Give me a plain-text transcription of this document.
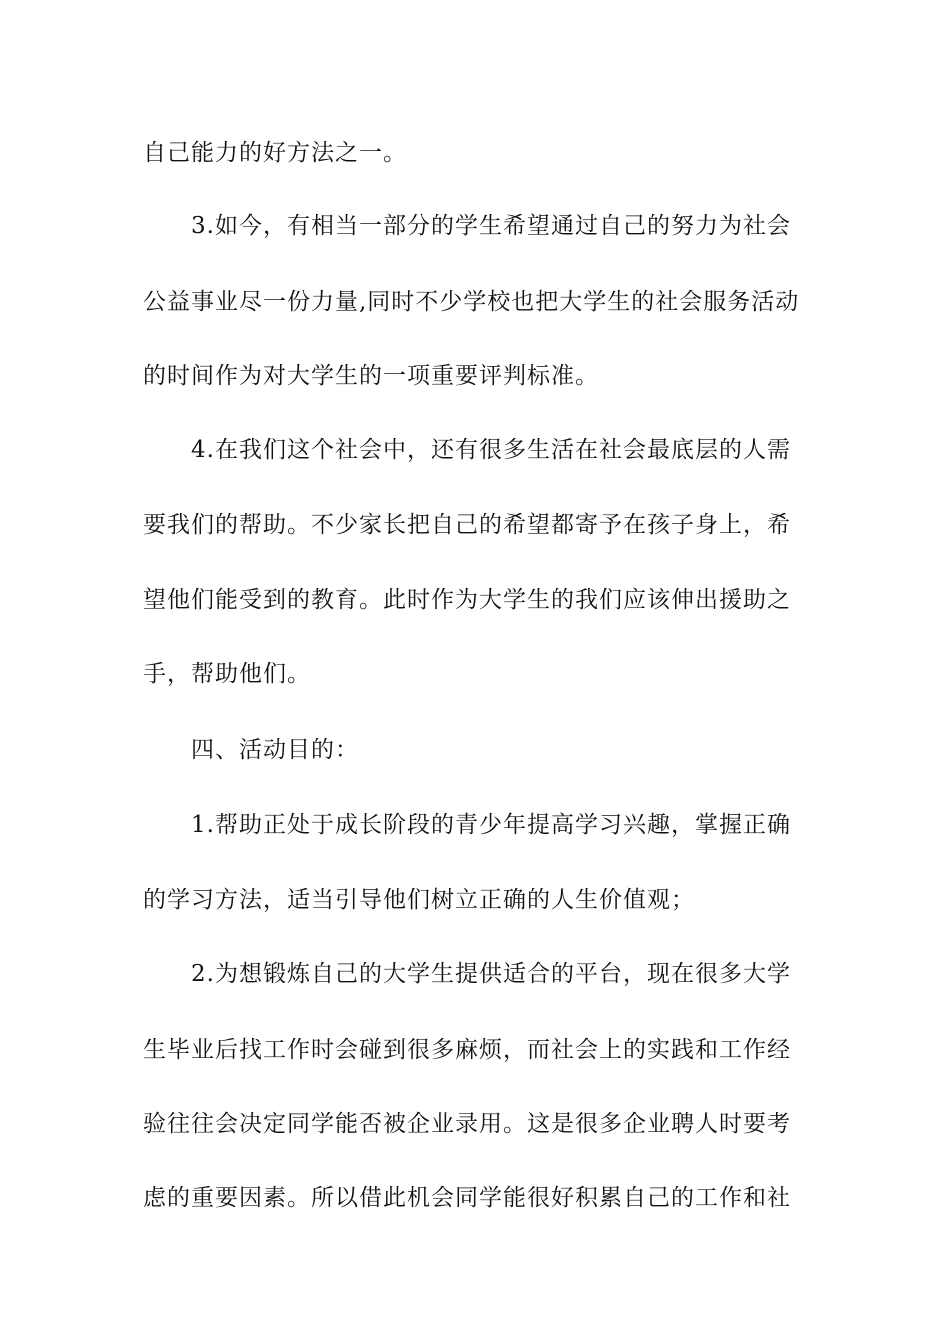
自己能力的好方法之一。
3.如今，有相当一部分的学生希望通过自己的努力为社会
公益事业尽一份力量,同时不少学校也把大学生的社会服务活动
的时间作为对大学生的一项重要评判标准。
4.在我们这个社会中，还有很多生活在社会最底层的人需
要我们的帮助。不少家长把自己的希望都寄予在孩子身上，希
望他们能受到的教育。此时作为大学生的我们应该伸出援助之
手，帮助他们。
四、活动目的：
1.帮助正处于成长阶段的青少年提高学习兴趣，掌握正确
的学习方法，适当引导他们树立正确的人生价值观；
2.为想锻炼自己的大学生提供适合的平台，现在很多大学
生毕业后找工作时会碰到很多麻烦，而社会上的实践和工作经
验往往会决定同学能否被企业录用。这是很多企业聘人时要考
虑的重要因素。所以借此机会同学能很好积累自己的工作和社
